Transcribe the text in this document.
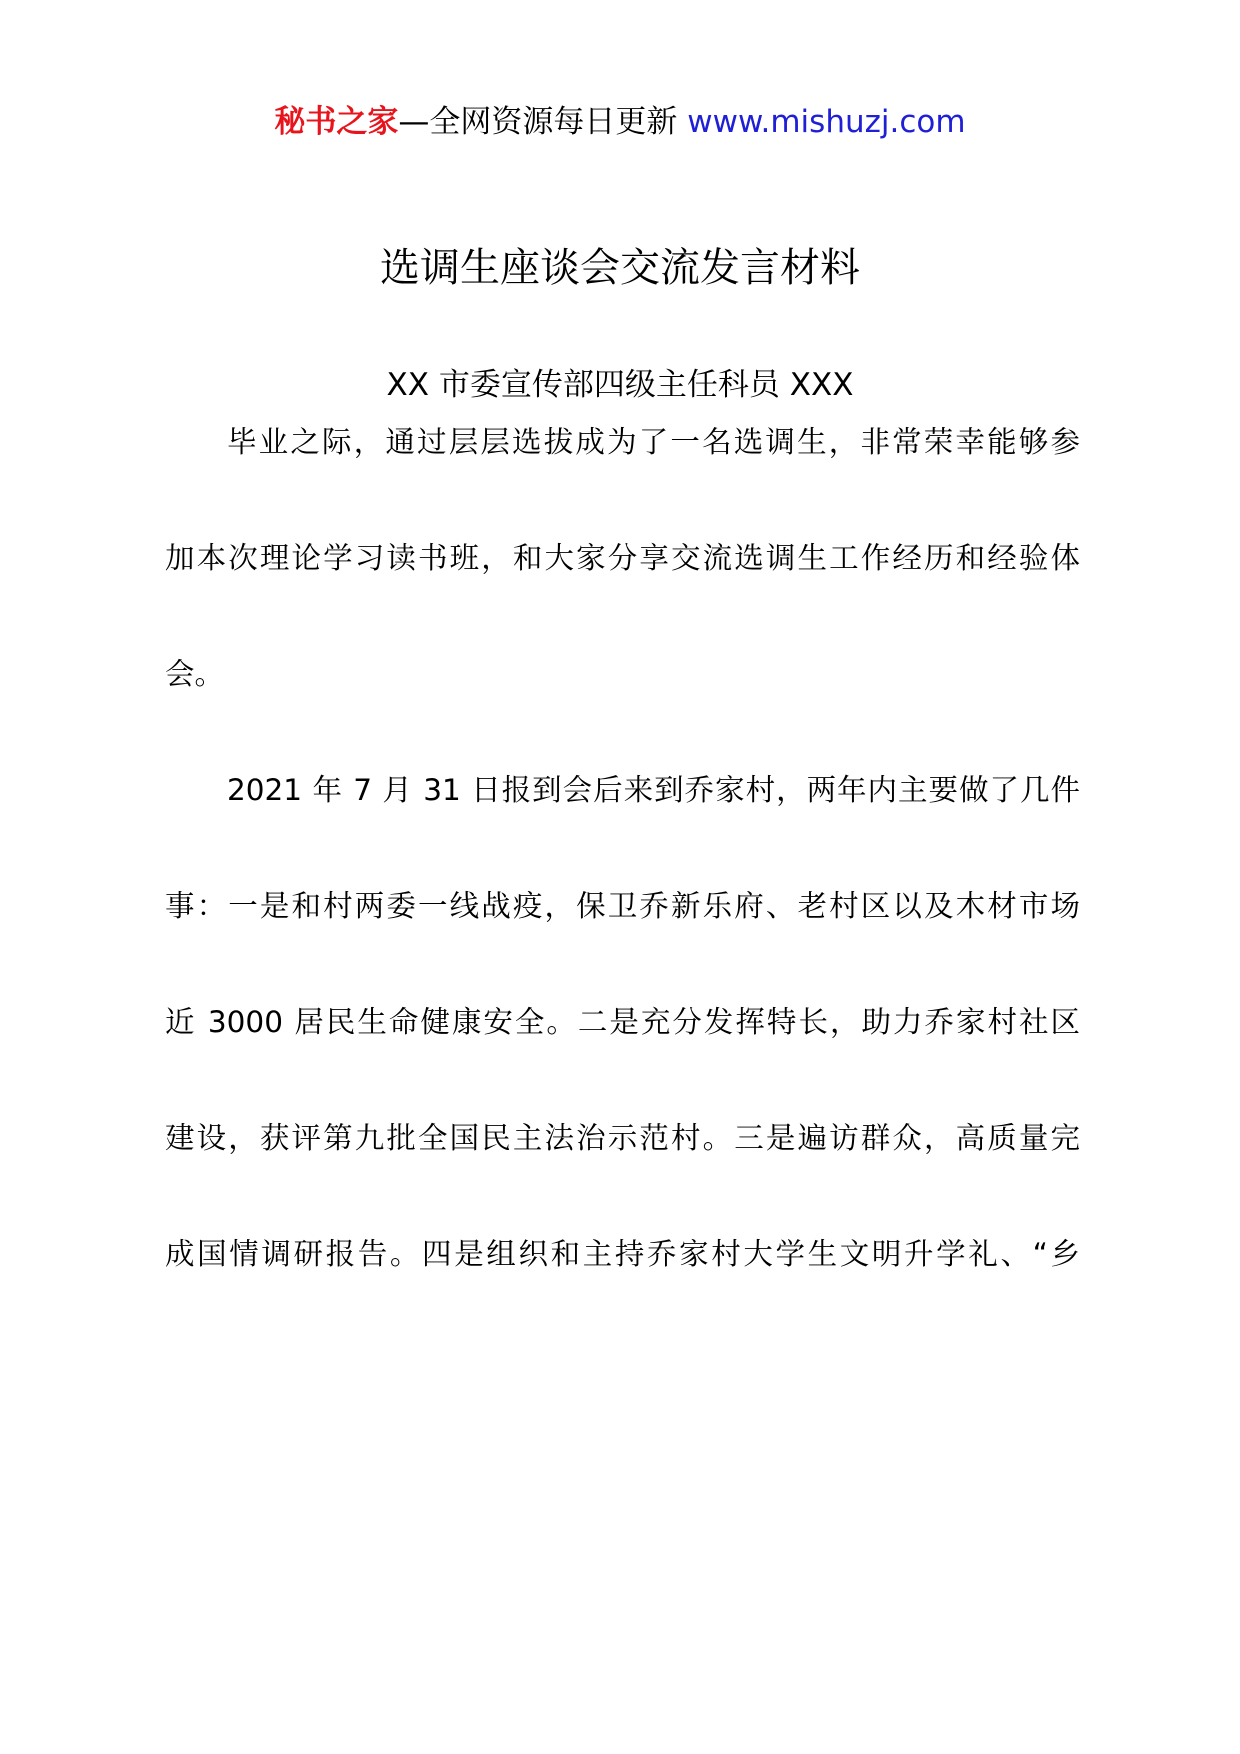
秘书之家—全网资源每日更新 www.mishuzj.com
选调生座谈会交流发言材料
XX 市委宣传部四级主任科员 XXX
毕业之际，通过层层选拔成为了一名选调生，非常荣幸能够参
加本次理论学习读书班，和大家分享交流选调生工作经历和经验体
会。
2021 年 7 月 31 日报到会后来到乔家村，两年内主要做了几件
事：一是和村两委一线战疫，保卫乔新乐府、老村区以及木材市场
近 3000 居民生命健康安全。二是充分发挥特长，助力乔家村社区
建设，获评第九批全国民主法治示范村。三是遍访群众，高质量完
成国情调研报告。四是组织和主持乔家村大学生文明升学礼、“乡
